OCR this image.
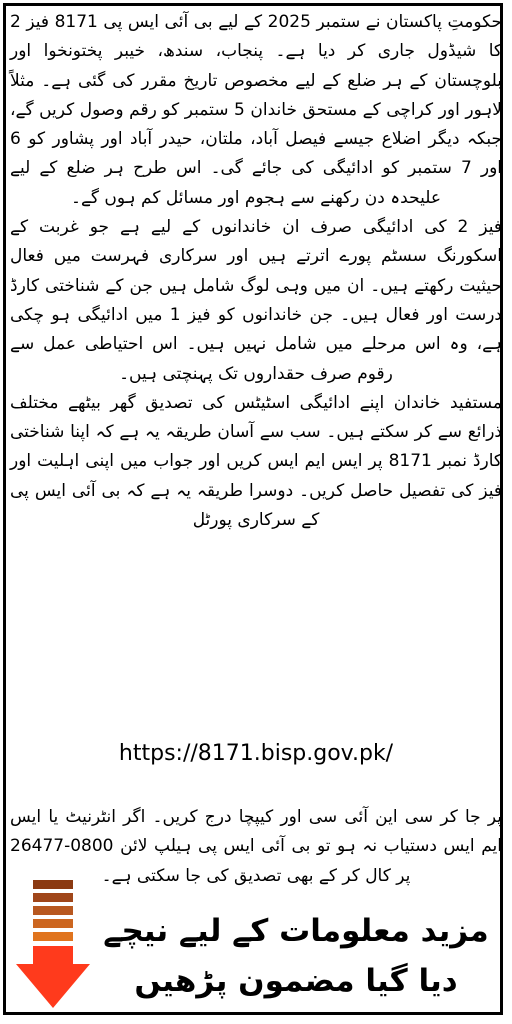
حکومتِ پاکستان نے ستمبر 2025 کے لیے بی آئی ایس پی 8171 فیز 2 کا شیڈول جاری کر دیا ہے۔ پنجاب، سندھ، خیبر پختونخوا اور بلوچستان کے ہر ضلع کے لیے مخصوص تاریخ مقرر کی گئی ہے۔ مثلاً لاہور اور کراچی کے مستحق خاندان 5 ستمبر کو رقم وصول کریں گے، جبکہ دیگر اضلاع جیسے فیصل آباد، ملتان، حیدر آباد اور پشاور کو 6 اور 7 ستمبر کو ادائیگی کی جائے گی۔ اس طرح ہر ضلع کے لیے علیحدہ دن رکھنے سے ہجوم اور مسائل کم ہوں گے۔

فیز 2 کی ادائیگی صرف ان خاندانوں کے لیے ہے جو غربت کے اسکورنگ سسٹم پورے اترتے ہیں اور سرکاری فہرست میں فعال حیثیت رکھتے ہیں۔ ان میں وہی لوگ شامل ہیں جن کے شناختی کارڈ درست اور فعال ہیں۔ جن خاندانوں کو فیز 1 میں ادائیگی ہو چکی ہے، وہ اس مرحلے میں شامل نہیں ہیں۔ اس احتیاطی عمل سے رقوم صرف حقداروں تک پہنچتی ہیں۔

مستفید خاندان اپنے ادائیگی اسٹیٹس کی تصدیق گھر بیٹھے مختلف ذرائع سے کر سکتے ہیں۔ سب سے آسان طریقہ یہ ہے کہ اپنا شناختی کارڈ نمبر 8171 پر ایس ایم ایس کریں اور جواب میں اپنی اہلیت اور فیز کی تفصیل حاصل کریں۔ دوسرا طریقہ یہ ہے کہ بی آئی ایس پی کے سرکاری پورٹل

https://8171.bisp.gov.pk/

پر جا کر سی این آئی سی اور کیپچا درج کریں۔ اگر انٹرنیٹ یا ایس ایم ایس دستیاب نہ ہو تو بی آئی ایس پی ہیلپ لائن 0800-26477 پر کال کر کے بھی تصدیق کی جا سکتی ہے۔

مزید معلومات کے لیے نیچے
دیا گیا مضمون پڑھیں
